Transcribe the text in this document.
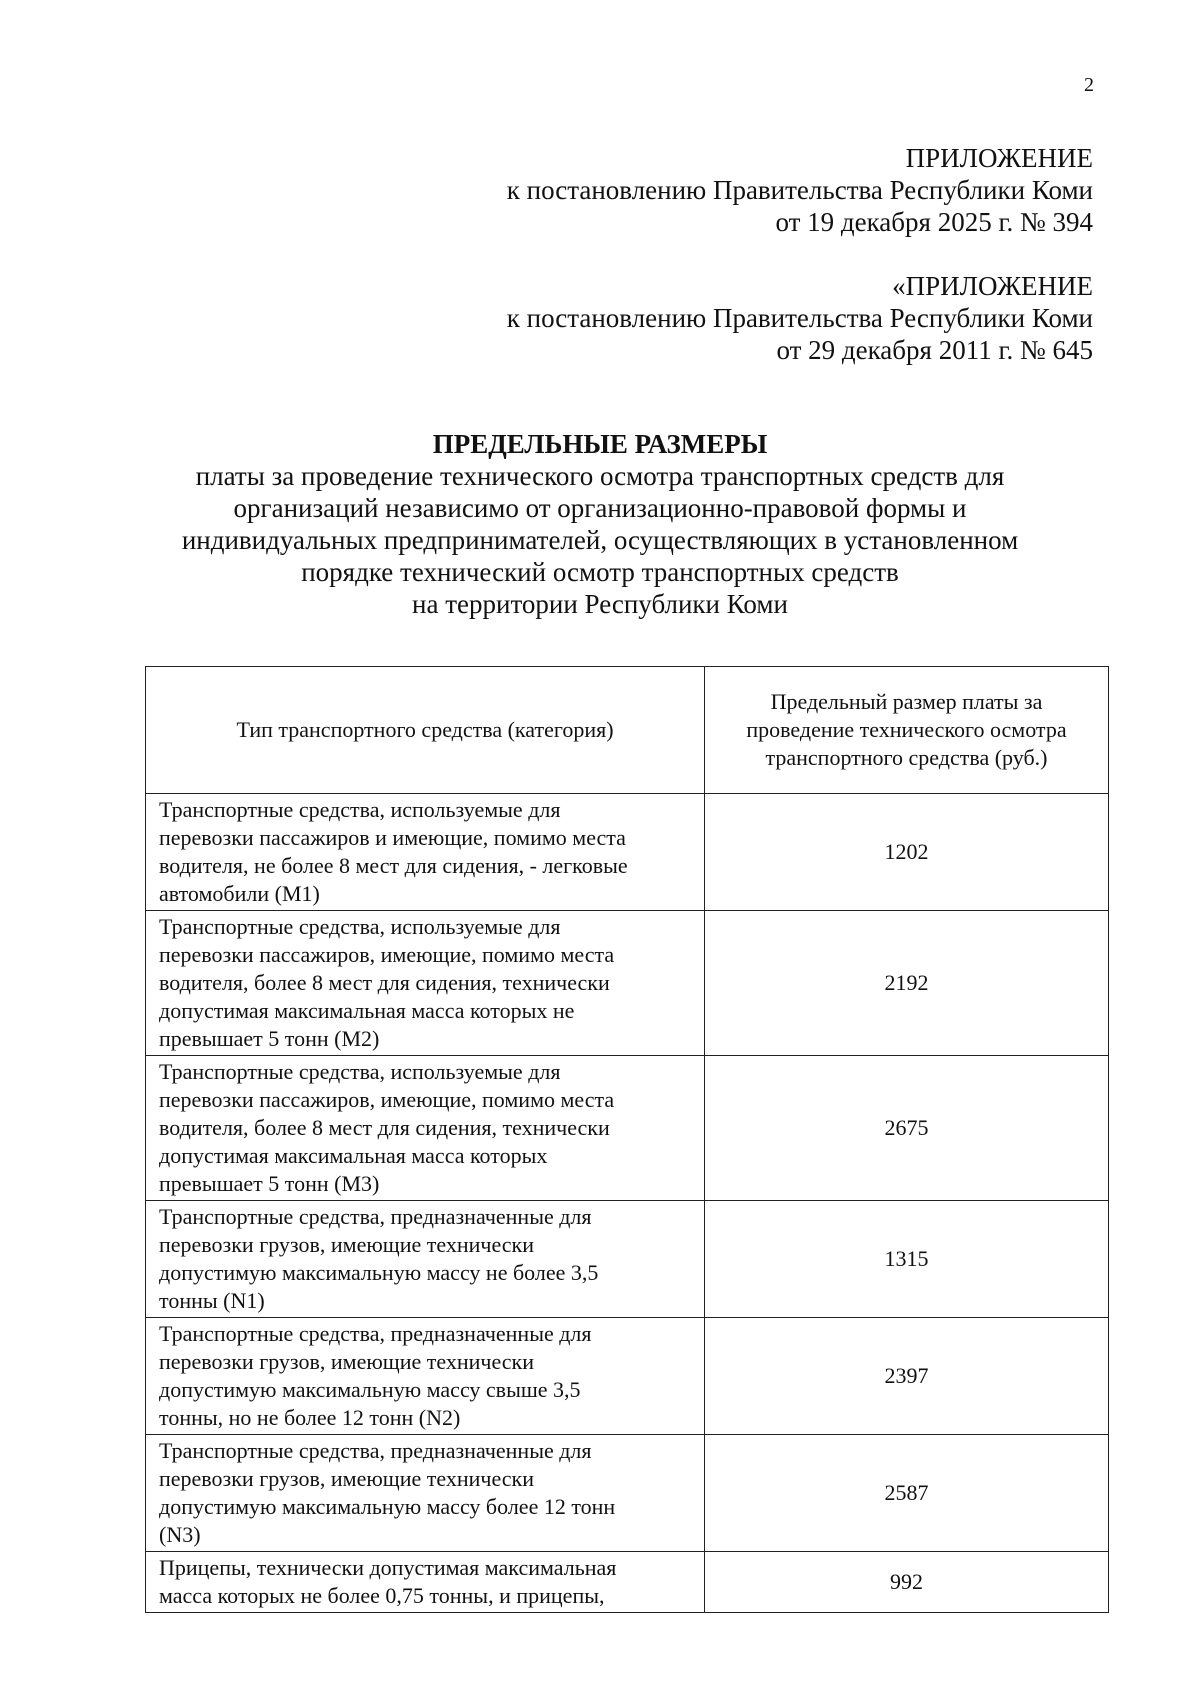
2
ПРИЛОЖЕНИЕ
к постановлению Правительства Республики Коми
от 19 декабря 2025 г. № 394
«ПРИЛОЖЕНИЕ
к постановлению Правительства Республики Коми
от 29 декабря 2011 г. № 645
ПРЕДЕЛЬНЫЕ РАЗМЕРЫ
платы за проведение технического осмотра транспортных средств для
организаций независимо от организационно-правовой формы и
индивидуальных предпринимателей, осуществляющих в установленном
порядке технический осмотр транспортных средств
на территории Республики Коми
Тип транспортного средства (категория)	Предельный размер платы за
проведение технического осмотра
транспортного средства (руб.)

Транспортные средства, используемые для
перевозки пассажиров и имеющие, помимо места
водителя, не более 8 мест для сидения, - легковые
автомобили (M1)	1202

Транспортные средства, используемые для
перевозки пассажиров, имеющие, помимо места
водителя, более 8 мест для сидения, технически
допустимая максимальная масса которых не
превышает 5 тонн (M2)	2192

Транспортные средства, используемые для
перевозки пассажиров, имеющие, помимо места
водителя, более 8 мест для сидения, технически
допустимая максимальная масса которых
превышает 5 тонн (M3)	2675

Транспортные средства, предназначенные для
перевозки грузов, имеющие технически
допустимую максимальную массу не более 3,5
тонны (N1)	1315

Транспортные средства, предназначенные для
перевозки грузов, имеющие технически
допустимую максимальную массу свыше 3,5
тонны, но не более 12 тонн (N2)	2397

Транспортные средства, предназначенные для
перевозки грузов, имеющие технически
допустимую максимальную массу более 12 тонн
(N3)	2587

Прицепы, технически допустимая максимальная
масса которых не более 0,75 тонны, и прицепы,	992
